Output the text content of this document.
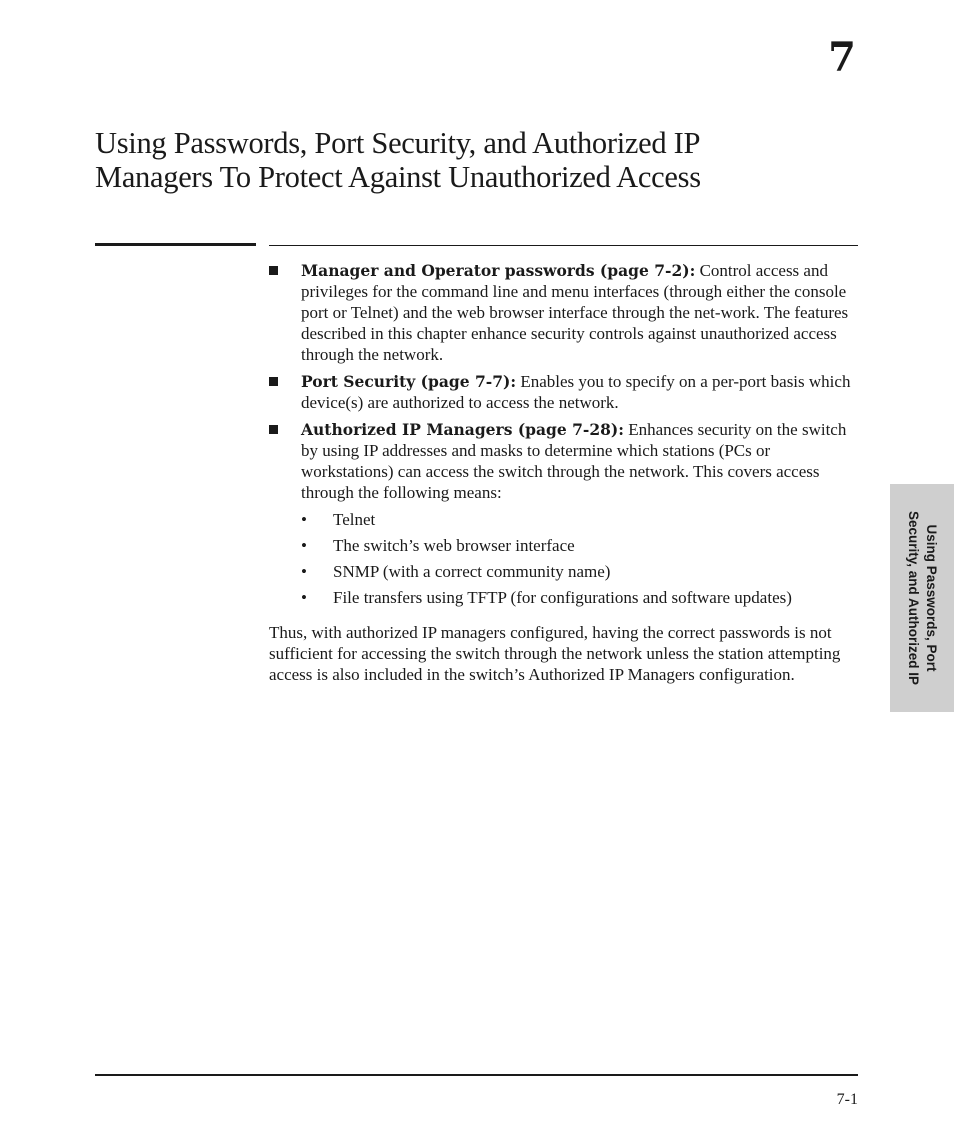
7
Using Passwords, Port Security, and Authorized IP
Managers To Protect Against Unauthorized Access
Manager and Operator passwords (page 7-2): Control access and privileges for the command line and menu interfaces (through either the console port or Telnet) and the web browser interface through the net-work. The features described in this chapter enhance security controls against unauthorized access through the network.
Port Security (page 7-7): Enables you to specify on a per-port basis which device(s) are authorized to access the network.
Authorized IP Managers (page 7-28): Enhances security on the switch by using IP addresses and masks to determine which stations (PCs or workstations) can access the switch through the network. This covers access through the following means:
• Telnet
• The switch’s web browser interface
• SNMP (with a correct community name)
• File transfers using TFTP (for configurations and software updates)

Thus, with authorized IP managers configured, having the correct passwords is not sufficient for accessing the switch through the network unless the station attempting access is also included in the switch’s Authorized IP Managers configuration.

Using Passwords, Port
Security, and Authorized IP
7-1
